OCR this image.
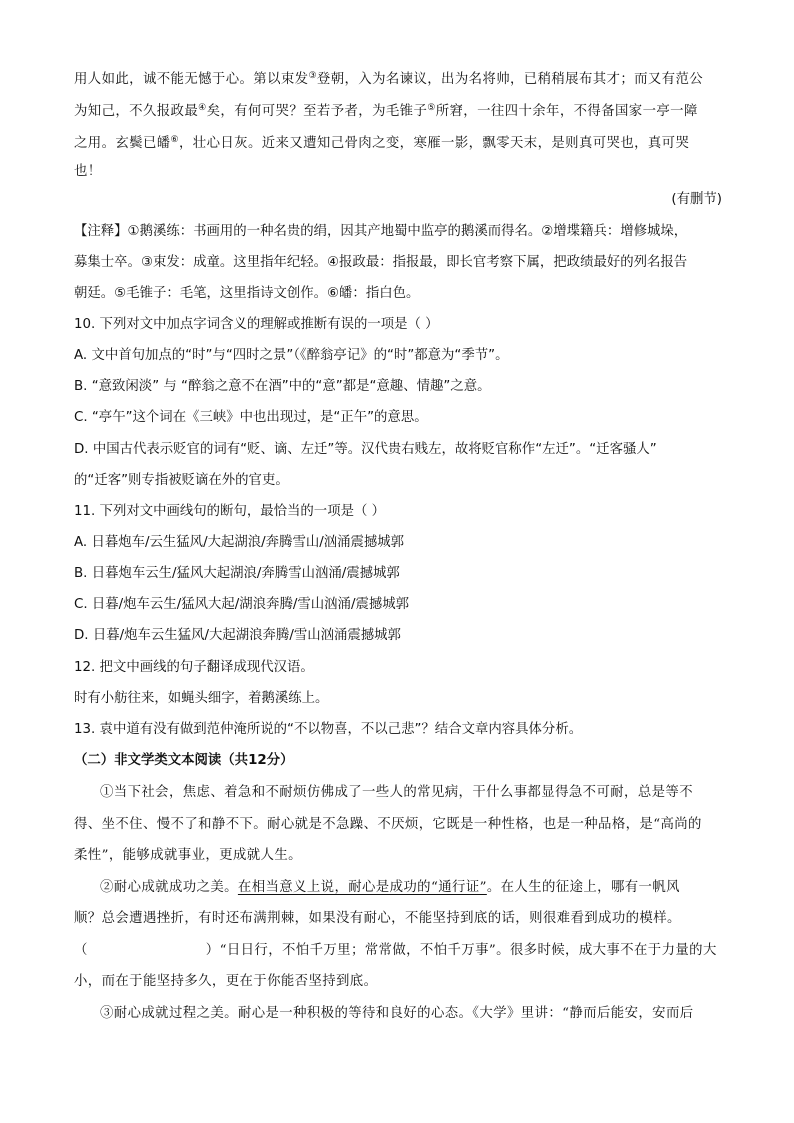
用人如此，诚不能无憾于心。第以束发③登朝，入为名谏议，出为名将帅，已稍稍展布其才；而又有范公
为知己，不久报政最④矣，有何可哭？至若予者，为毛锥子⑤所窘，一往四十余年，不得备国家一亭一障
之用。玄鬓已皤⑥，壮心日灰。近来又遭知己骨肉之变，寒雁一影，飘零天末，是则真可哭也，真可哭
也！
(有删节)
【注释】①鹅溪练：书画用的一种名贵的绢，因其产地蜀中监亭的鹅溪而得名。②增堞籍兵：增修城垛，
募集士卒。③束发：成童。这里指年纪轻。④报政最：指报最，即长官考察下属，把政绩最好的列名报告
朝廷。⑤毛锥子：毛笔，这里指诗文创作。⑥皤：指白色。
10. 下列对文中加点字词含义的理解或推断有误的一项是（ ）
A. 文中首句加点的“时”与“四时之景”（《醉翁亭记》的“时”都意为“季节”。
B. “意致闲淡” 与 “醉翁之意不在酒”中的“意”都是“意趣、情趣”之意。
C. “亭午”这个词在《三峡》中也出现过，是“正午”的意思。
D. 中国古代表示贬官的词有“贬、谪、左迁”等。汉代贵右贱左，故将贬官称作“左迁”。“迁客骚人”
的“迁客”则专指被贬谪在外的官吏。
11. 下列对文中画线句的断句，最恰当的一项是（ ）
A. 日暮炮车/云生猛风/大起湖浪/奔腾雪山/汹涌震撼城郭
B. 日暮炮车云生/猛风大起湖浪/奔腾雪山汹涌/震撼城郭
C. 日暮/炮车云生/猛风大起/湖浪奔腾/雪山汹涌/震撼城郭
D. 日暮/炮车云生猛风/大起湖浪奔腾/雪山汹涌震撼城郭
12. 把文中画线的句子翻译成现代汉语。
时有小舫往来，如蝇头细字，着鹅溪练上。
13. 袁中道有没有做到范仲淹所说的“不以物喜，不以己悲”？结合文章内容具体分析。
（二）非文学类文本阅读（共12分）
①当下社会，焦虑、着急和不耐烦仿佛成了一些人的常见病，干什么事都显得急不可耐，总是等不
得、坐不住、慢不了和静不下。耐心就是不急躁、不厌烦，它既是一种性格，也是一种品格，是“高尚的
柔性”，能够成就事业，更成就人生。
②耐心成就成功之美。在相当意义上说，耐心是成功的“通行证”。在人生的征途上，哪有一帆风
顺？总会遭遇挫折，有时还布满荆棘，如果没有耐心，不能坚持到底的话，则很难看到成功的模样。
（	）“日日行，不怕千万里；常常做，不怕千万事”。很多时候，成大事不在于力量的大
小，而在于能坚持多久，更在于你能否坚持到底。
③耐心成就过程之美。耐心是一种积极的等待和良好的心态。《大学》里讲：“静而后能安，安而后
